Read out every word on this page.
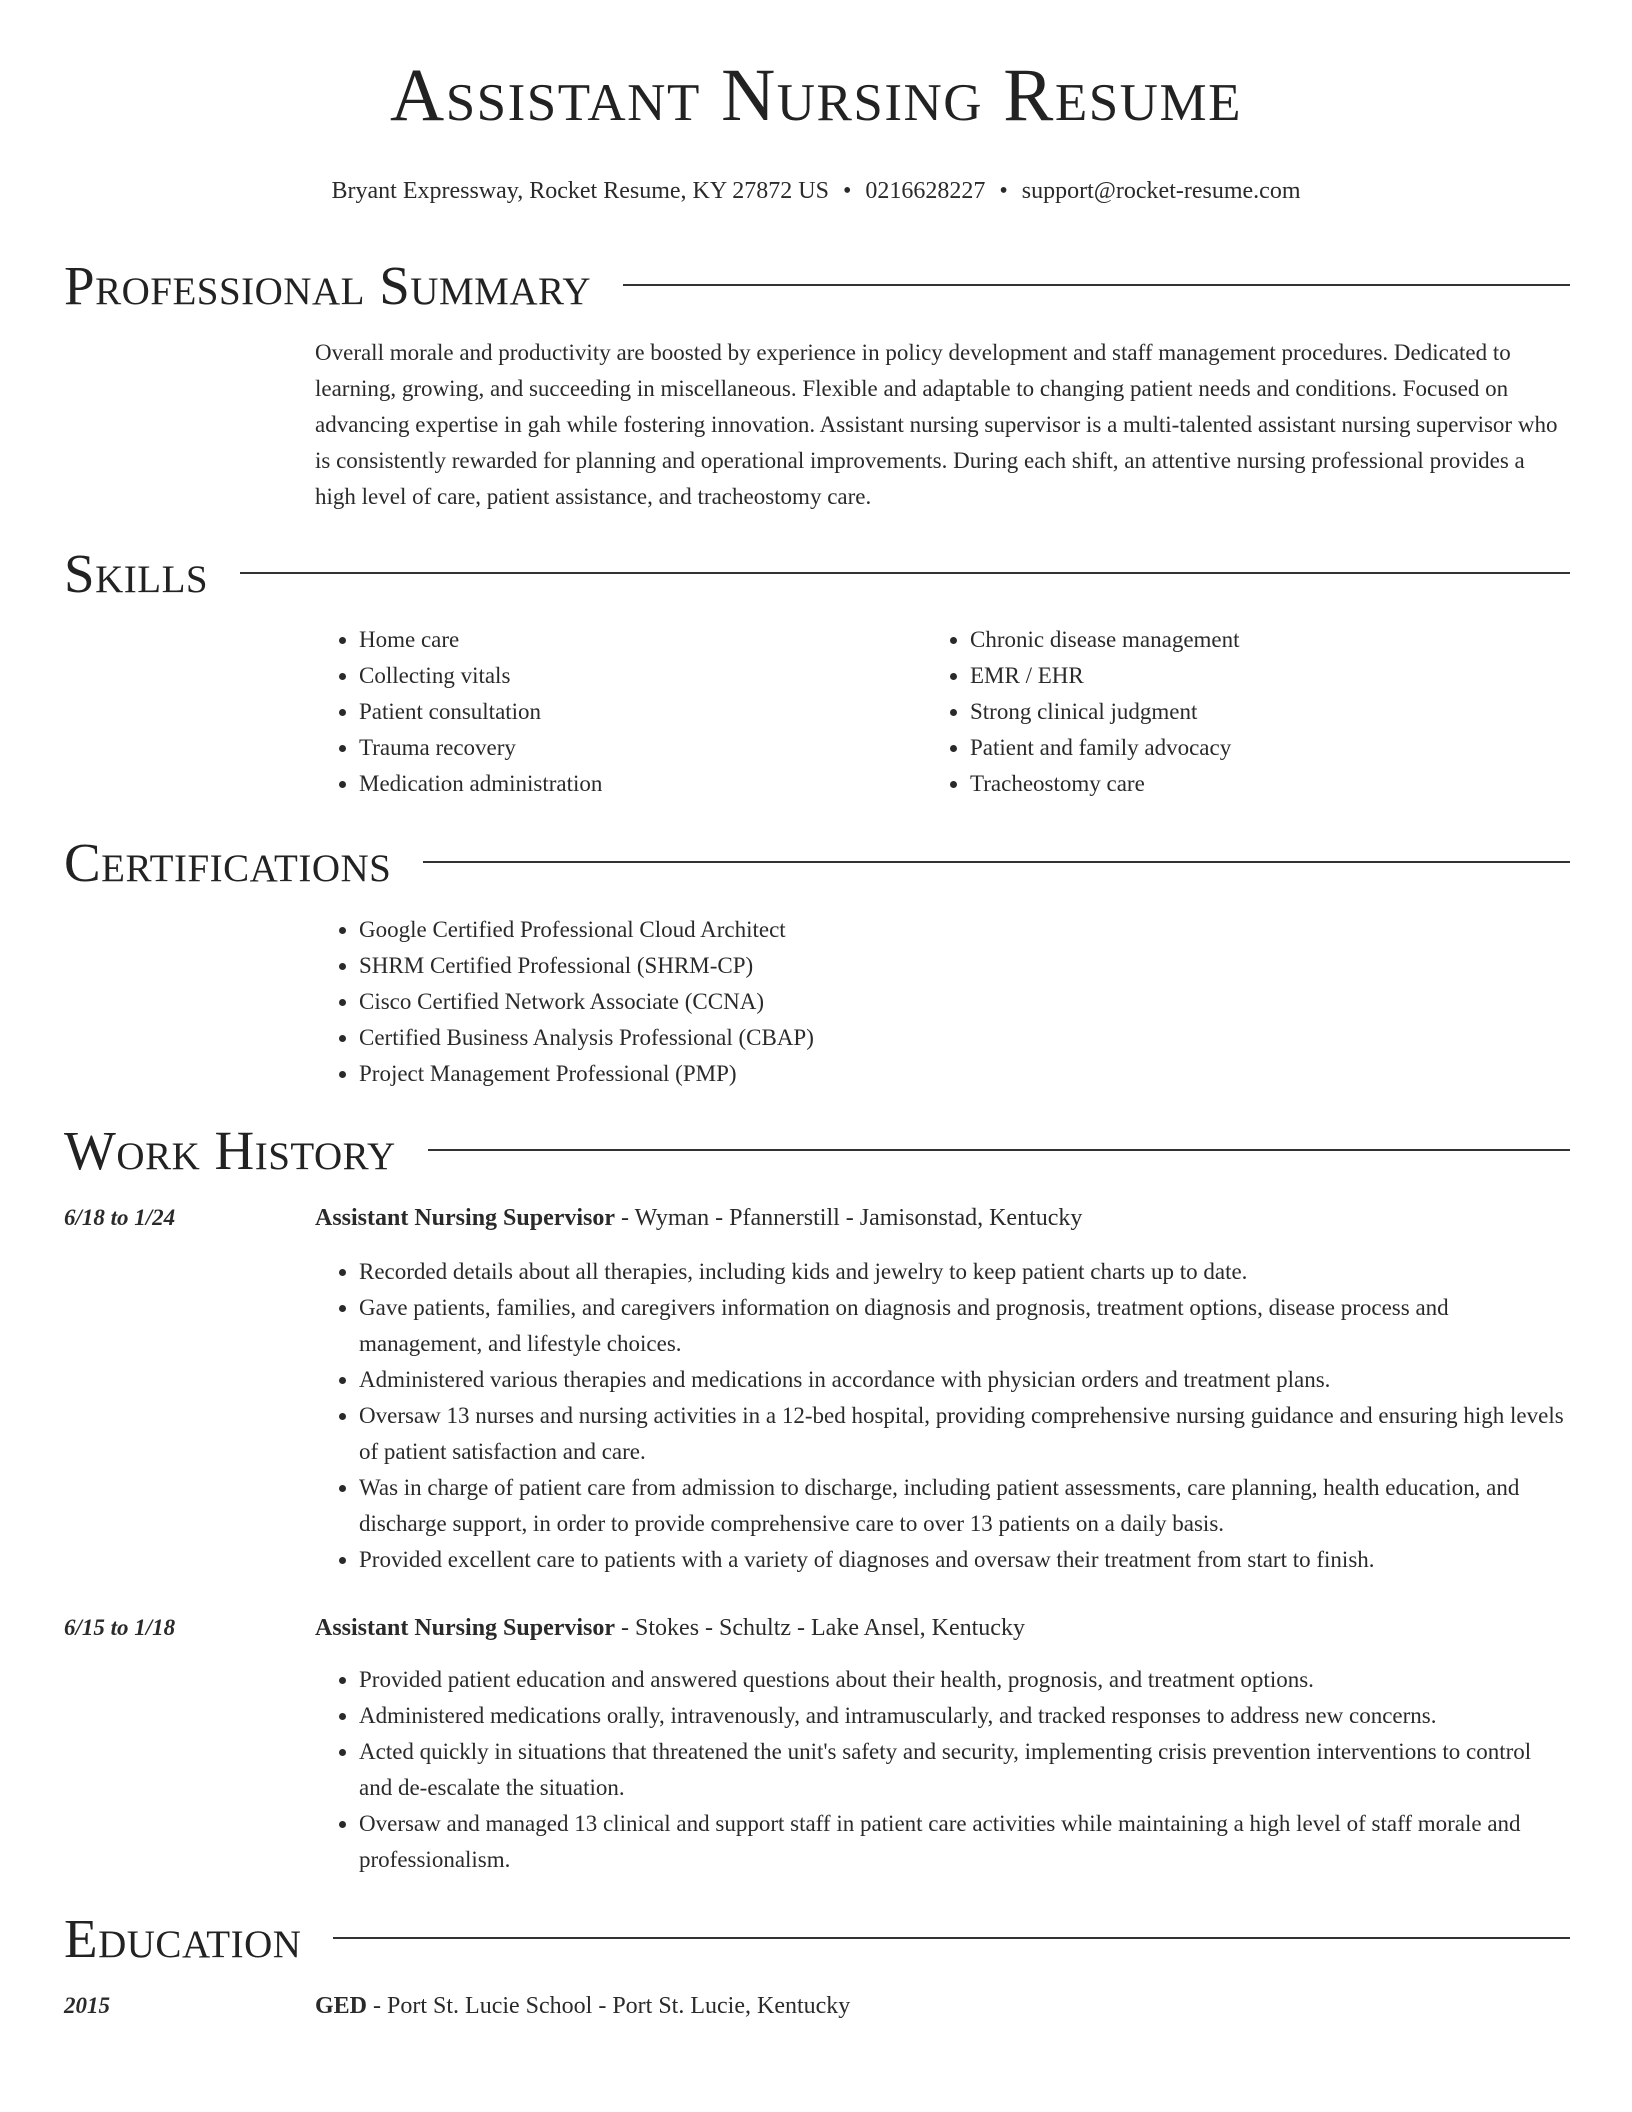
Assistant Nursing Resume
Bryant Expressway, Rocket Resume, KY 27872 US • 0216628227 • support@rocket-resume.com
Professional Summary
Overall morale and productivity are boosted by experience in policy development and staff management procedures. Dedicated to learning, growing, and succeeding in miscellaneous. Flexible and adaptable to changing patient needs and conditions. Focused on advancing expertise in gah while fostering innovation. Assistant nursing supervisor is a multi-talented assistant nursing supervisor who is consistently rewarded for planning and operational improvements. During each shift, an attentive nursing professional provides a high level of care, patient assistance, and tracheostomy care.
Skills
• Home care
• Collecting vitals
• Patient consultation
• Trauma recovery
• Medication administration
• Chronic disease management
• EMR / EHR
• Strong clinical judgment
• Patient and family advocacy
• Tracheostomy care
Certifications
• Google Certified Professional Cloud Architect
• SHRM Certified Professional (SHRM-CP)
• Cisco Certified Network Associate (CCNA)
• Certified Business Analysis Professional (CBAP)
• Project Management Professional (PMP)
Work History
6/18 to 1/24	Assistant Nursing Supervisor - Wyman - Pfannerstill - Jamisonstad, Kentucky
• Recorded details about all therapies, including kids and jewelry to keep patient charts up to date.
• Gave patients, families, and caregivers information on diagnosis and prognosis, treatment options, disease process and management, and lifestyle choices.
• Administered various therapies and medications in accordance with physician orders and treatment plans.
• Oversaw 13 nurses and nursing activities in a 12-bed hospital, providing comprehensive nursing guidance and ensuring high levels of patient satisfaction and care.
• Was in charge of patient care from admission to discharge, including patient assessments, care planning, health education, and discharge support, in order to provide comprehensive care to over 13 patients on a daily basis.
• Provided excellent care to patients with a variety of diagnoses and oversaw their treatment from start to finish.
6/15 to 1/18	Assistant Nursing Supervisor - Stokes - Schultz - Lake Ansel, Kentucky
• Provided patient education and answered questions about their health, prognosis, and treatment options.
• Administered medications orally, intravenously, and intramuscularly, and tracked responses to address new concerns.
• Acted quickly in situations that threatened the unit's safety and security, implementing crisis prevention interventions to control and de-escalate the situation.
• Oversaw and managed 13 clinical and support staff in patient care activities while maintaining a high level of staff morale and professionalism.
Education
2015	GED - Port St. Lucie School - Port St. Lucie, Kentucky
